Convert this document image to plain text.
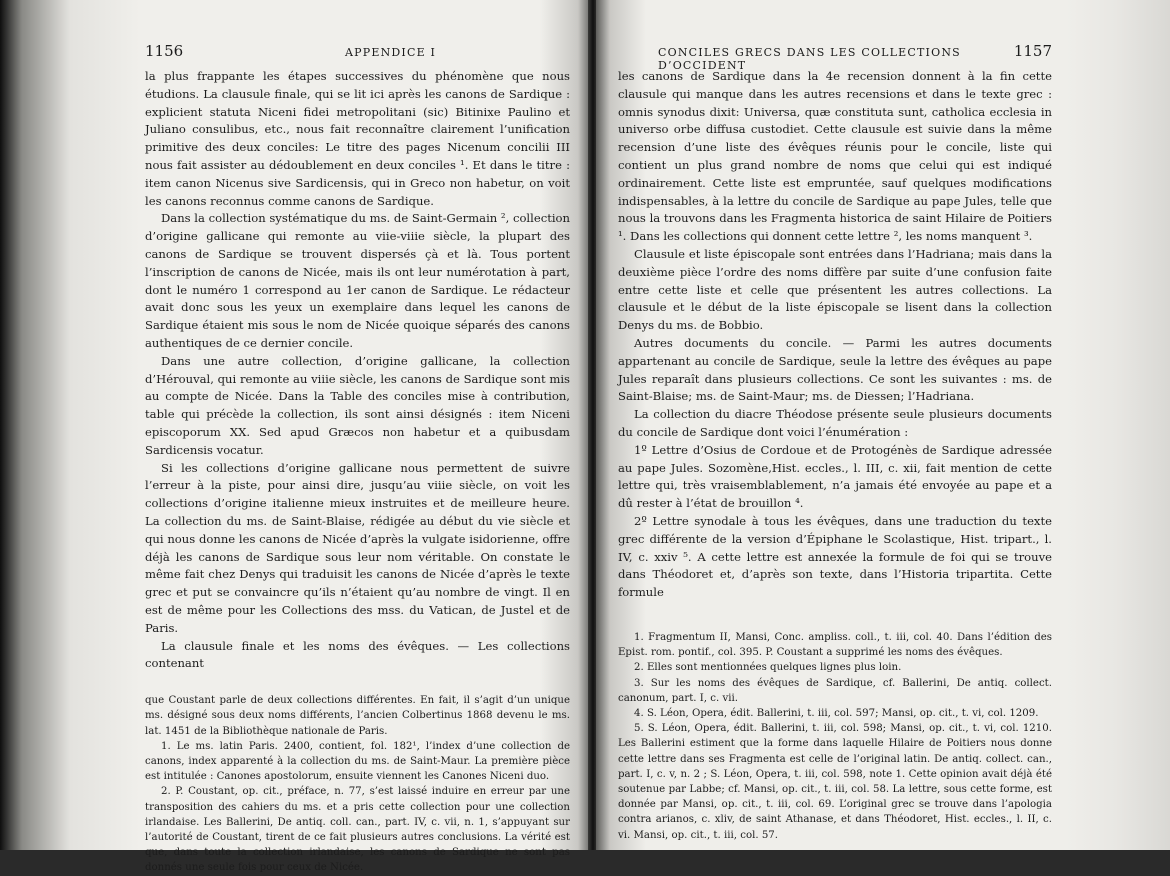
1156	APPENDICE I

la plus frappante les étapes successives du phénomène que nous étudions. La clausule finale, qui se lit ici après les canons de Sardique : explicient statuta Niceni fidei metropolitani (sic) Bitinixe Paulino et Juliano consulibus, etc., nous fait reconnaître clairement l’unification primitive des deux conciles: Le titre des pages Nicenum concilii III nous fait assister au dédoublement en deux conciles ¹. Et dans le titre : item canon Nicenus sive Sardicensis, qui in Greco non habetur, on voit les canons reconnus comme canons de Sardique.

Dans la collection systématique du ms. de Saint-Germain ², collection d’origine gallicane qui remonte au viie-viiie siècle, la plupart des canons de Sardique se trouvent dispersés çà et là. Tous portent l’inscription de canons de Nicée, mais ils ont leur numérotation à part, dont le numéro 1 correspond au 1er canon de Sardique. Le rédacteur avait donc sous les yeux un exemplaire dans lequel les canons de Sardique étaient mis sous le nom de Nicée quoique séparés des canons authentiques de ce dernier concile.

Dans une autre collection, d’origine gallicane, la collection d’Hérouval, qui remonte au viiie siècle, les canons de Sardique sont mis au compte de Nicée. Dans la Table des conciles mise à contribution, table qui précède la collection, ils sont ainsi désignés : item Niceni episcoporum XX. Sed apud Græcos non habetur et a quibusdam Sardicensis vocatur.

Si les collections d’origine gallicane nous permettent de suivre l’erreur à la piste, pour ainsi dire, jusqu’au viiie siècle, on voit les collections d’origine italienne mieux instruites et de meilleure heure. La collection du ms. de Saint-Blaise, rédigée au début du vie siècle et qui nous donne les canons de Nicée d’après la vulgate isidorienne, offre déjà les canons de Sardique sous leur nom véritable. On constate le même fait chez Denys qui traduisit les canons de Nicée d’après le texte grec et put se convaincre qu’ils n’étaient qu’au nombre de vingt. Il en est de même pour les Collections des mss. du Vatican, de Justel et de Paris.

La clausule finale et les noms des évêques. — Les collections contenant

que Coustant parle de deux collections différentes. En fait, il s’agit d’un unique ms. désigné sous deux noms différents, l’ancien Colbertinus 1868 devenu le ms. lat. 1451 de la Bibliothèque nationale de Paris.

1. Le ms. latin Paris. 2400, contient, fol. 182¹, l’index d’une collection de canons, index apparenté à la collection du ms. de Saint-Maur. La première pièce est intitulée : Canones apostolorum, ensuite viennent les Canones Niceni duo.

2. P. Coustant, op. cit., préface, n. 77, s’est laissé induire en erreur par une transposition des cahiers du ms. et a pris cette collection pour une collection irlandaise. Les Ballerini, De antiq. coll. can., part. IV, c. vii, n. 1, s’appuyant sur l’autorité de Coustant, tirent de ce fait plusieurs autres conclusions. La vérité est que, dans toute la collection irlandaise, les canons de Sardique ne sont pas donnés une seule fois pour ceux de Nicée.

CONCILES GRECS DANS LES COLLECTIONS D’OCCIDENT
1157

les canons de Sardique dans la 4e recension donnent à la fin cette clausule qui manque dans les autres recensions et dans le texte grec : omnis synodus dixit: Universa, quæ constituta sunt, catholica ecclesia in universo orbe diffusa custodiet. Cette clausule est suivie dans la même recension d’une liste des évêques réunis pour le concile, liste qui contient un plus grand nombre de noms que celui qui est indiqué ordinairement. Cette liste est empruntée, sauf quelques modifications indispensables, à la lettre du concile de Sardique au pape Jules, telle que nous la trouvons dans les Fragmenta historica de saint Hilaire de Poitiers ¹. Dans les collections qui donnent cette lettre ², les noms manquent ³.

Clausule et liste épiscopale sont entrées dans l’Hadriana; mais dans la deuxième pièce l’ordre des noms diffère par suite d’une confusion faite entre cette liste et celle que présentent les autres collections. La clausule et le début de la liste épiscopale se lisent dans la collection Denys du ms. de Bobbio.

Autres documents du concile. — Parmi les autres documents appartenant au concile de Sardique, seule la lettre des évêques au pape Jules reparaît dans plusieurs collections. Ce sont les suivantes : ms. de Saint-Blaise; ms. de Saint-Maur; ms. de Diessen; l’Hadriana.

La collection du diacre Théodose présente seule plusieurs documents du concile de Sardique dont voici l’énumération :

1º Lettre d’Osius de Cordoue et de Protogénès de Sardique adressée au pape Jules. Sozomène,Hist. eccles., l. III, c. xii, fait mention de cette lettre qui, très vraisemblablement, n’a jamais été envoyée au pape et a dû rester à l’état de brouillon ⁴.

2º Lettre synodale à tous les évêques, dans une traduction du texte grec différente de la version d’Épiphane le Scolastique, Hist. tripart., l. IV, c. xxiv ⁵. A cette lettre est annexée la formule de foi qui se trouve dans Théodoret et, d’après son texte, dans l’Historia tripartita. Cette formule

1. Fragmentum II, Mansi, Conc. ampliss. coll., t. iii, col. 40. Dans l’édition des Epist. rom. pontif., col. 395. P. Coustant a supprimé les noms des évêques.

2. Elles sont mentionnées quelques lignes plus loin.

3. Sur les noms des évêques de Sardique, cf. Ballerini, De antiq. collect. canonum, part. I, c. vii.

4. S. Léon, Opera, édit. Ballerini, t. iii, col. 597; Mansi, op. cit., t. vi, col. 1209.

5. S. Léon, Opera, édit. Ballerini, t. iii, col. 598; Mansi, op. cit., t. vi, col. 1210. Les Ballerini estiment que la forme dans laquelle Hilaire de Poitiers nous donne cette lettre dans ses Fragmenta est celle de l’original latin. De antiq. collect. can., part. I, c. v, n. 2 ; S. Léon, Opera, t. iii, col. 598, note 1. Cette opinion avait déjà été soutenue par Labbe; cf. Mansi, op. cit., t. iii, col. 58. La lettre, sous cette forme, est donnée par Mansi, op. cit., t. iii, col. 69. L’original grec se trouve dans l’apologia contra arianos, c. xliv, de saint Athanase, et dans Théodoret, Hist. eccles., l. II, c. vi. Mansi, op. cit., t. iii, col. 57.
